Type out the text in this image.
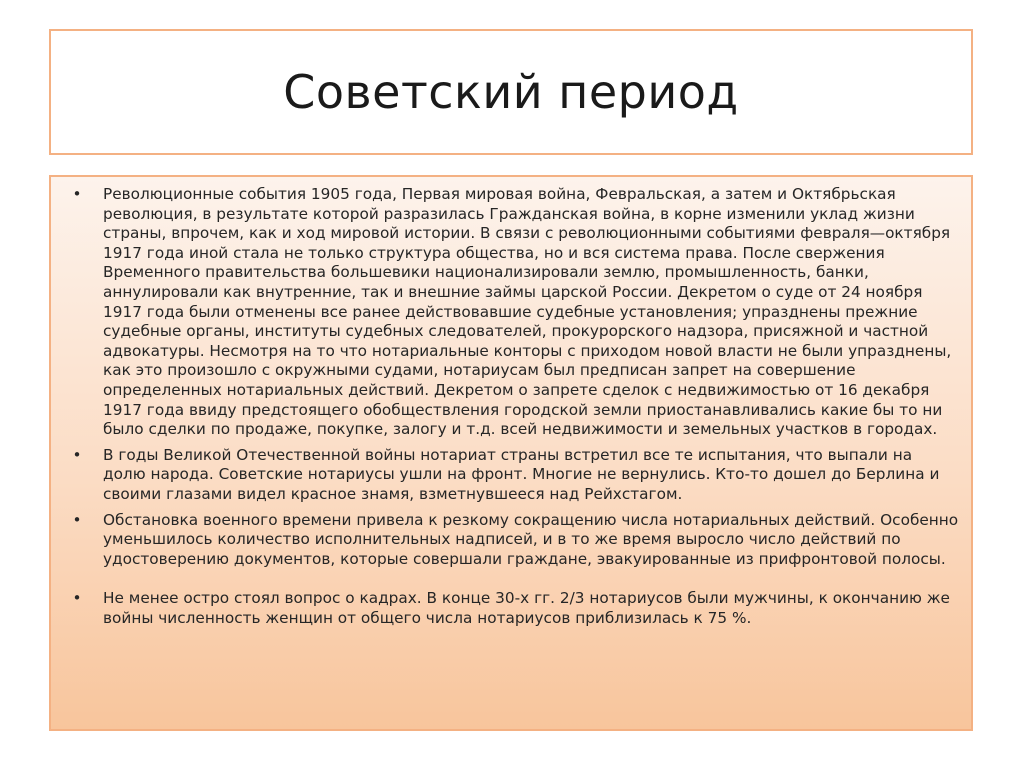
Советский период
•	Революционные события 1905 года, Первая мировая война, Февральская, а затем и Октябрьская революция, в результате которой разразилась Гражданская война, в корне изменили уклад жизни страны, впрочем, как и ход мировой истории. В связи с революционными событиями февраля—октября 1917 года иной стала не только структура общества, но и вся система права. После свержения Временного правительства большевики национализировали землю, промышленность, банки, аннулировали как внутренние, так и внешние займы царской России. Декретом о суде от 24 ноября 1917 года были отменены все ранее действовавшие судебные установления; упразднены прежние судебные органы, институты судебных следователей, прокурорского надзора, присяжной и частной адвокатуры. Несмотря на то что нотариальные конторы с приходом новой власти не были упразднены, как это произошло с окружными судами, нотариусам был предписан запрет на совершение определенных нотариальных действий. Декретом о запрете сделок с недвижимостью от 16 декабря 1917 года ввиду предстоящего обобществления городской земли приостанавливались какие бы то ни было сделки по продаже, покупке, залогу и т.д. всей недвижимости и земельных участков в городах.
•	В годы Великой Отечественной войны нотариат страны встретил все те испытания, что выпали на долю народа. Советские нотариусы ушли на фронт. Многие не вернулись. Кто-то дошел до Берлина и своими глазами видел красное знамя, взметнувшееся над Рейхстагом.
•	Обстановка военного времени привела к резкому сокращению числа нотариальных действий. Особенно уменьшилось количество исполнительных надписей, и в то же время выросло число действий по удостоверению документов, которые совершали граждане, эвакуированные из прифронтовой полосы.
•	Не менее остро стоял вопрос о кадрах. В конце 30-х гг. 2/3 нотариусов были мужчины, к окончанию же войны численность женщин от общего числа нотариусов приблизилась к 75 %.
